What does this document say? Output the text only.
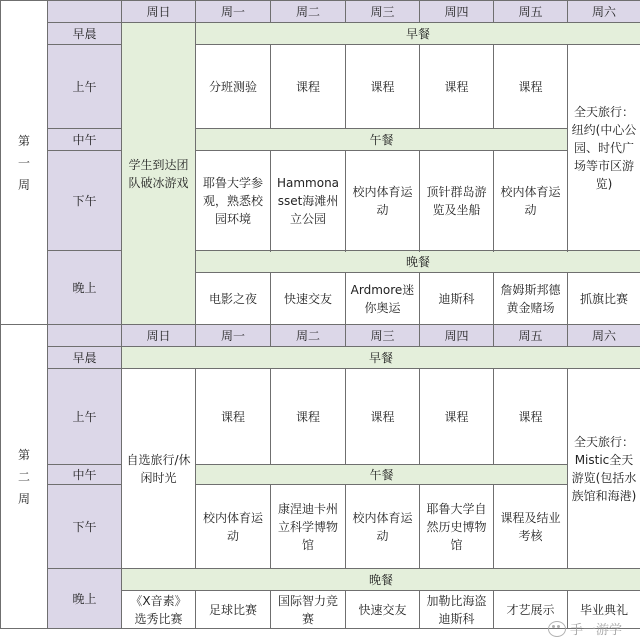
第一周		周日	周一	周二	周三	周四	周五	周六
	早晨	学生到达团队破冰游戏	早餐					
	上午		分班测验	课程	课程	课程	课程	全天旅行：纽约(中心公园、时代广场等市区游览)
	中午		午餐					
	下午		耶鲁大学参观，熟悉校园环境	Hammonasset海滩州立公园	校内体育运动	顶针群岛游览及坐船	校内体育运动	

	晚上		晚餐					
			电影之夜	快速交友	Ardmore迷你奥运	迪斯科	詹姆斯邦德黄金赌场	抓旗比赛

第二周		周日	周一	周二	周三	周四	周五	周六
	早晨	早餐						
	上午	自选旅行/休闲时光	课程	课程	课程	课程	课程	全天旅行：Mistic全天游览(包括水族馆和海港)
	中午		午餐					
	下午		校内体育运动	康涅迪卡州立科学博物馆	校内体育运动	耶鲁大学自然历史博物馆	课程及结业考核	

	晚上	晚餐						
		《X音素》选秀比赛	足球比赛	国际智力竞赛	快速交友	加勒比海盗迪斯科	才艺展示	毕业典礼
手一游学
